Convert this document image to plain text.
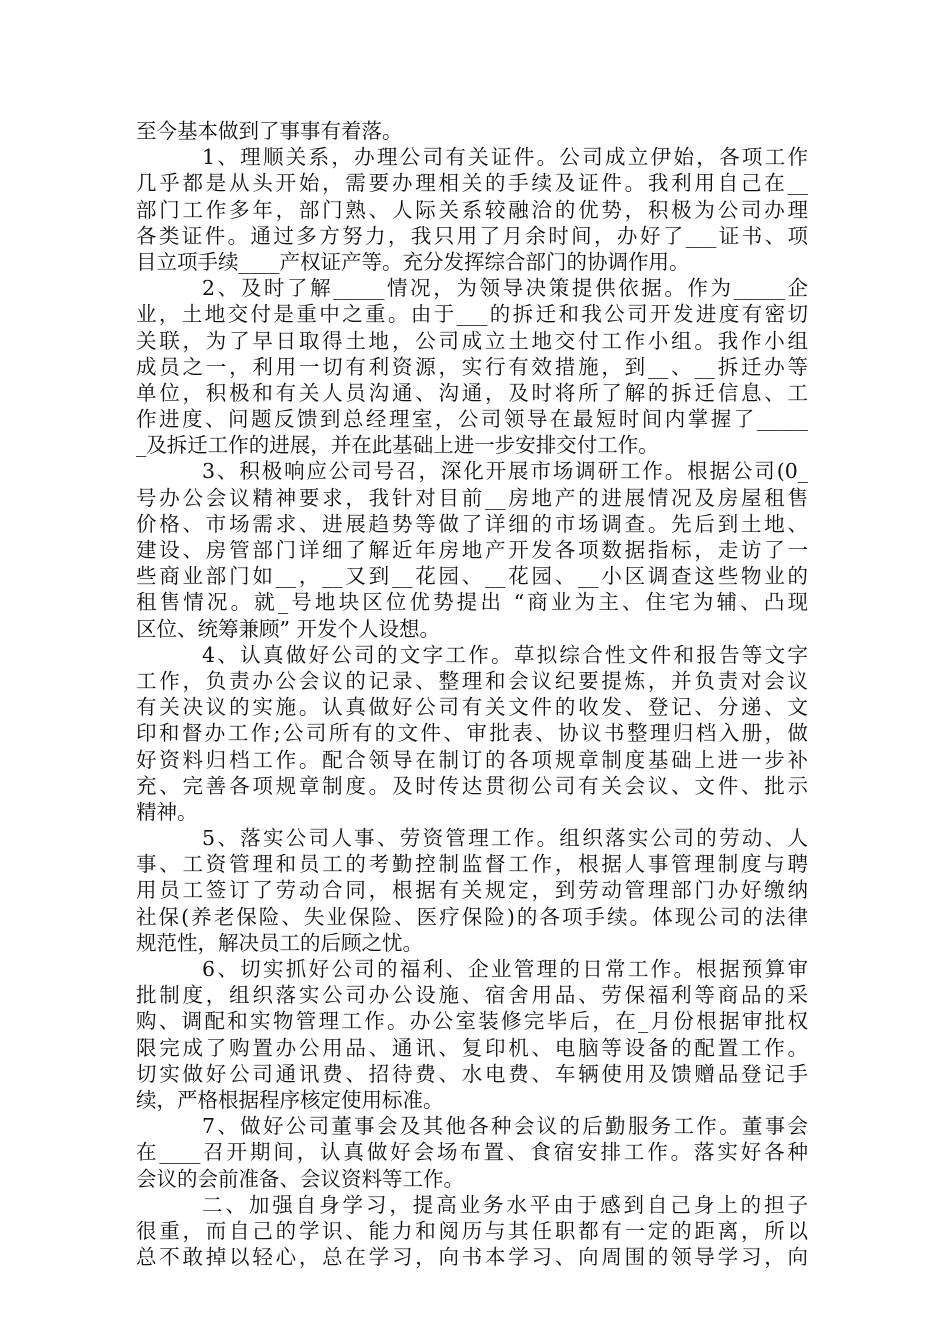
至今基本做到了事事有着落。
1、理顺关系，办理公司有关证件。公司成立伊始，各项工作
几乎都是从头开始，需要办理相关的手续及证件。我利用自己在__
部门工作多年，部门熟、人际关系较融洽的优势，积极为公司办理
各类证件。通过多方努力，我只用了月余时间，办好了___证书、项
目立项手续____产权证产等。充分发挥综合部门的协调作用。
2、及时了解_____情况，为领导决策提供依据。作为_____企
业，土地交付是重中之重。由于___的拆迁和我公司开发进度有密切
关联，为了早日取得土地，公司成立土地交付工作小组。我作小组
成员之一，利用一切有利资源，实行有效措施，到__、__拆迁办等
单位，积极和有关人员沟通、沟通，及时将所了解的拆迁信息、工
作进度、问题反馈到总经理室，公司领导在最短时间内掌握了_____
_及拆迁工作的进展，并在此基础上进一步安排交付工作。
3、积极响应公司号召，深化开展市场调研工作。根据公司(0_
号办公会议精神要求，我针对目前__房地产的进展情况及房屋租售
价格、市场需求、进展趋势等做了详细的市场调查。先后到土地、
建设、房管部门详细了解近年房地产开发各项数据指标，走访了一
些商业部门如__，__又到__花园、__花园、__小区调查这些物业的
租售情况。就_号地块区位优势提出 “商业为主、住宅为辅、凸现
区位、统筹兼顾” 开发个人设想。
4、认真做好公司的文字工作。草拟综合性文件和报告等文字
工作，负责办公会议的记录、整理和会议纪要提炼，并负责对会议
有关决议的实施。认真做好公司有关文件的收发、登记、分递、文
印和督办工作;公司所有的文件、审批表、协议书整理归档入册，做
好资料归档工作。配合领导在制订的各项规章制度基础上进一步补
充、完善各项规章制度。及时传达贯彻公司有关会议、文件、批示
精神。
5、落实公司人事、劳资管理工作。组织落实公司的劳动、人
事、工资管理和员工的考勤控制监督工作，根据人事管理制度与聘
用员工签订了劳动合同，根据有关规定，到劳动管理部门办好缴纳
社保(养老保险、失业保险、医疗保险)的各项手续。体现公司的法律
规范性，解决员工的后顾之忧。
6、切实抓好公司的福利、企业管理的日常工作。根据预算审
批制度，组织落实公司办公设施、宿舍用品、劳保福利等商品的采
购、调配和实物管理工作。办公室装修完毕后，在_月份根据审批权
限完成了购置办公用品、通讯、复印机、电脑等设备的配置工作。
切实做好公司通讯费、招待费、水电费、车辆使用及馈赠品登记手
续，严格根据程序核定使用标准。
7、做好公司董事会及其他各种会议的后勤服务工作。董事会
在____召开期间，认真做好会场布置、食宿安排工作。落实好各种
会议的会前准备、会议资料等工作。
二、加强自身学习，提高业务水平由于感到自己身上的担子
很重，而自己的学识、能力和阅历与其任职都有一定的距离，所以
总不敢掉以轻心，总在学习，向书本学习、向周围的领导学习，向
